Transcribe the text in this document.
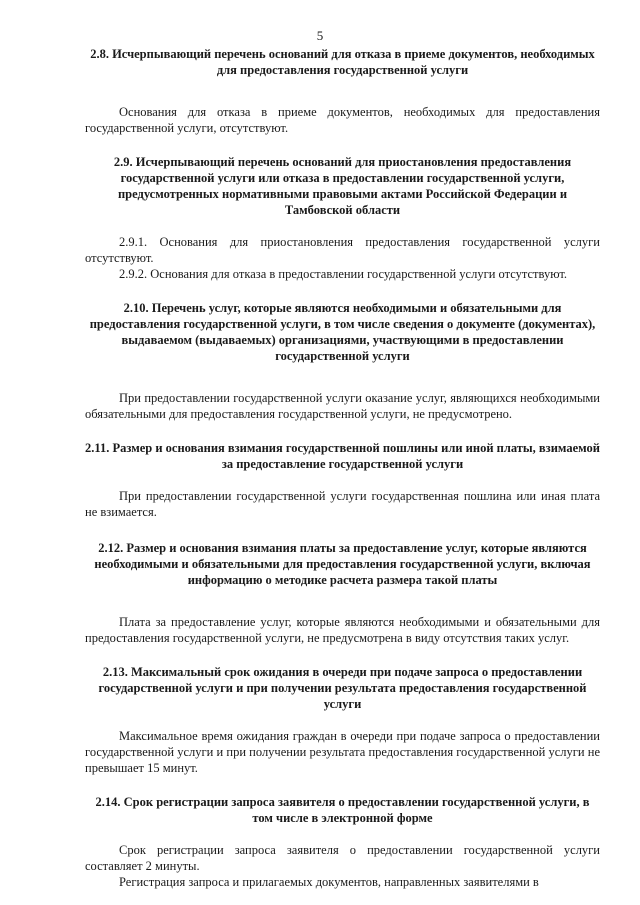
5

2.8. Исчерпывающий перечень оснований для отказа в приеме документов, необходимых для предоставления государственной услуги

Основания для отказа в приеме документов, необходимых для предоставления государственной услуги, отсутствуют.

2.9. Исчерпывающий перечень оснований для приостановления предоставления государственной услуги или отказа в предоставлении государственной услуги, предусмотренных нормативными правовыми актами Российской Федерации и Тамбовской области

2.9.1. Основания для приостановления предоставления государственной услуги отсутствуют.

2.9.2. Основания для отказа в предоставлении государственной услуги отсутствуют.

2.10. Перечень услуг, которые являются необходимыми и обязательными для предоставления государственной услуги, в том числе сведения о документе (документах), выдаваемом (выдаваемых) организациями, участвующими в предоставлении государственной услуги

При предоставлении государственной услуги оказание услуг, являющихся необходимыми обязательными для предоставления государственной услуги, не предусмотрено.

2.11. Размер и основания взимания государственной пошлины или иной платы, взимаемой за предоставление государственной услуги

При предоставлении государственной услуги государственная пошлина или иная плата не взимается.

2.12. Размер и основания взимания платы за предоставление услуг, которые являются необходимыми и обязательными для предоставления государственной услуги, включая информацию о методике расчета размера такой платы

Плата за предоставление услуг, которые являются необходимыми и обязательными для предоставления государственной услуги, не предусмотрена в виду отсутствия таких услуг.

2.13. Максимальный срок ожидания в очереди при подаче запроса о предоставлении государственной услуги и при получении результата предоставления государственной услуги

Максимальное время ожидания граждан в очереди при подаче запроса о предоставлении государственной услуги и при получении результата предоставления государственной услуги не превышает 15 минут.

2.14. Срок регистрации запроса заявителя о предоставлении государственной услуги, в том числе в электронной форме

Срок регистрации запроса заявителя о предоставлении государственной услуги составляет 2 минуты.

Регистрация запроса и прилагаемых документов, направленных заявителями в
